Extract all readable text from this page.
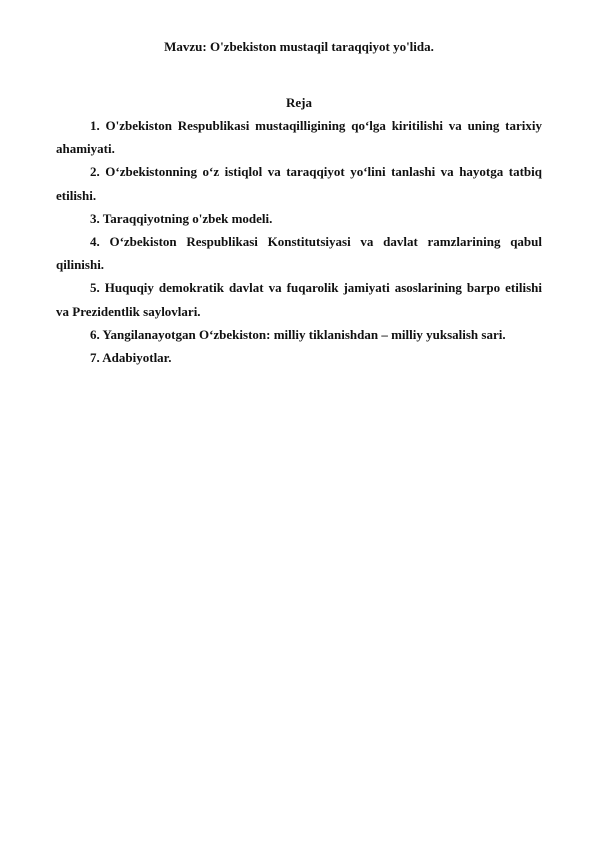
Mavzu: O'zbekiston mustaqil taraqqiyot yo'lida.
Reja
1. O'zbekiston Respublikasi mustaqilligining qo‘lga kiritilishi va uning tarixiy ahamiyati.
2. O‘zbekistonning o‘z istiqlol va taraqqiyot yo‘lini tanlashi va hayotga tatbiq etilishi.
3. Taraqqiyotning o'zbek modeli.
4. O‘zbekiston Respublikasi Konstitutsiyasi va davlat ramzlarining qabul qilinishi.
5. Huquqiy demokratik davlat va fuqarolik jamiyati asoslarining barpo etilishi va Prezidentlik saylovlari.
6. Yangilanayotgan O‘zbekiston: milliy tiklanishdan – milliy yuksalish sari.
7. Adabiyotlar.
